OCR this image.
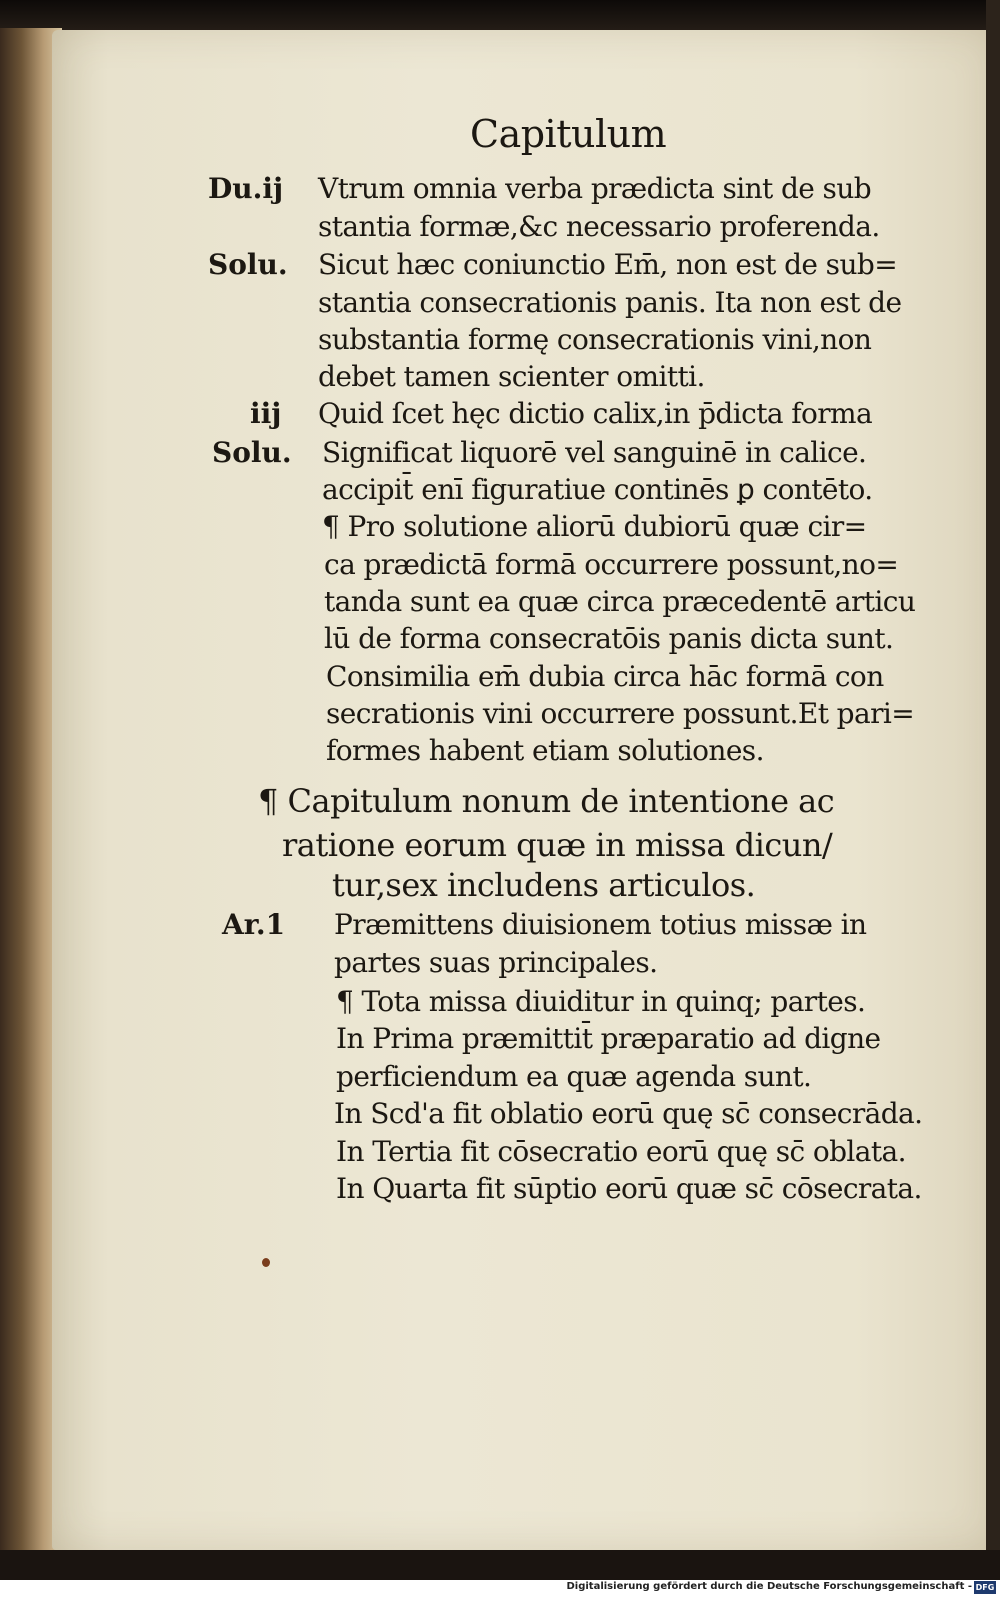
Capitulum
Du.ij
Solu.
iij
Solu.
Ar.1
Vtrum omnia verba prædicta sint de sub
stantia formæ,&c necessario proferenda.
Sicut hæc coniunctio Em̄, non est de sub=
stantia consecrationis panis. Ita non est de
substantia formę consecrationis vini,non
debet tamen scienter omitti.
Quid ſcet hęc dictio calix,in p̄dicta forma
Significat liquorē vel sanguinē in calice.
accipit̄ enī figuratiue continēs ꝑ contēto.
¶ Pro solutione aliorū dubiorū quæ cir=
ca prædictā formā occurrere possunt,no=
tanda sunt ea quæ circa præcedentē articu
lū de forma consecratōis panis dicta sunt.
Consimilia em̄ dubia circa hāc formā con
secrationis vini occurrere possunt.Et pari=
formes habent etiam solutiones.
¶ Capitulum nonum de intentione ac
ratione eorum quæ in missa dicun/
tur,sex includens articulos.
Præmittens diuisionem totius missæ in
partes suas principales.
¶ Tota missa diuiditur in quinq; partes.
In Prima præmittit̄ præparatio ad digne
perficiendum ea quæ agenda sunt.
In Scd'a fit oblatio eorū quę sc̄ consecrāda.
In Tertia fit cōsecratio eorū quę sc̄ oblata.
In Quarta fit sūptio eorū quæ sc̄ cōsecrata.
Digitalisierung gefördert durch die Deutsche Forschungsgemeinschaft - DFG
